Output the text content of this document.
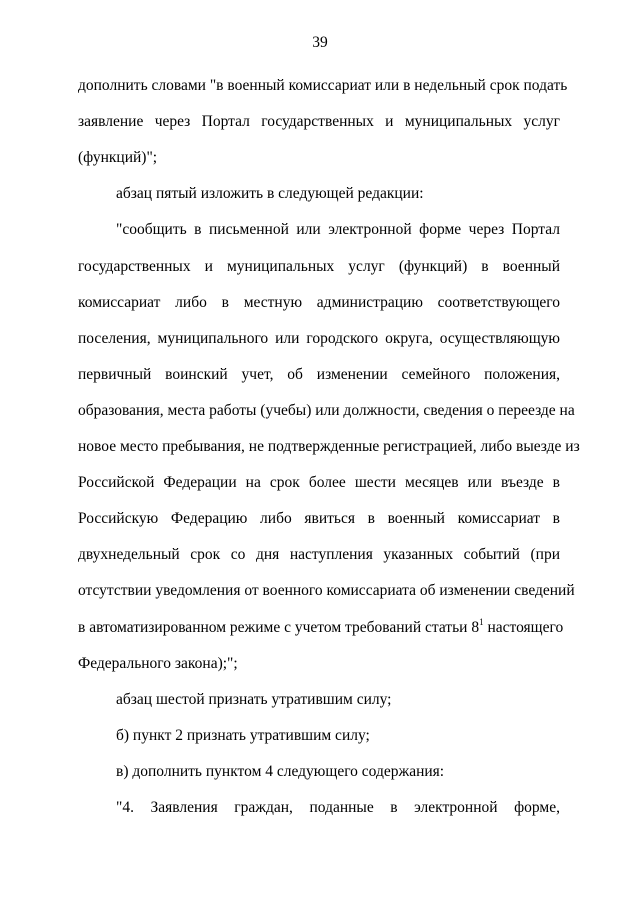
39
дополнить словами "в военный комиссариат или в недельный срок подать
заявление через Портал государственных и муниципальных услуг
(функций)";
абзац пятый изложить в следующей редакции:
"сообщить в письменной или электронной форме через Портал
государственных и муниципальных услуг (функций) в военный
комиссариат либо в местную администрацию соответствующего
поселения, муниципального или городского округа, осуществляющую
первичный воинский учет, об изменении семейного положения,
образования, места работы (учебы) или должности, сведения о переезде на
новое место пребывания, не подтвержденные регистрацией, либо выезде из
Российской Федерации на срок более шести месяцев или въезде в
Российскую Федерацию либо явиться в военный комиссариат в
двухнедельный срок со дня наступления указанных событий (при
отсутствии уведомления от военного комиссариата об изменении сведений
в автоматизированном режиме с учетом требований статьи $8^1$ настоящего
Федерального закона);";
абзац шестой признать утратившим силу;
б) пункт 2 признать утратившим силу;
в) дополнить пунктом 4 следующего содержания:
"4. Заявления граждан, поданные в электронной форме,
